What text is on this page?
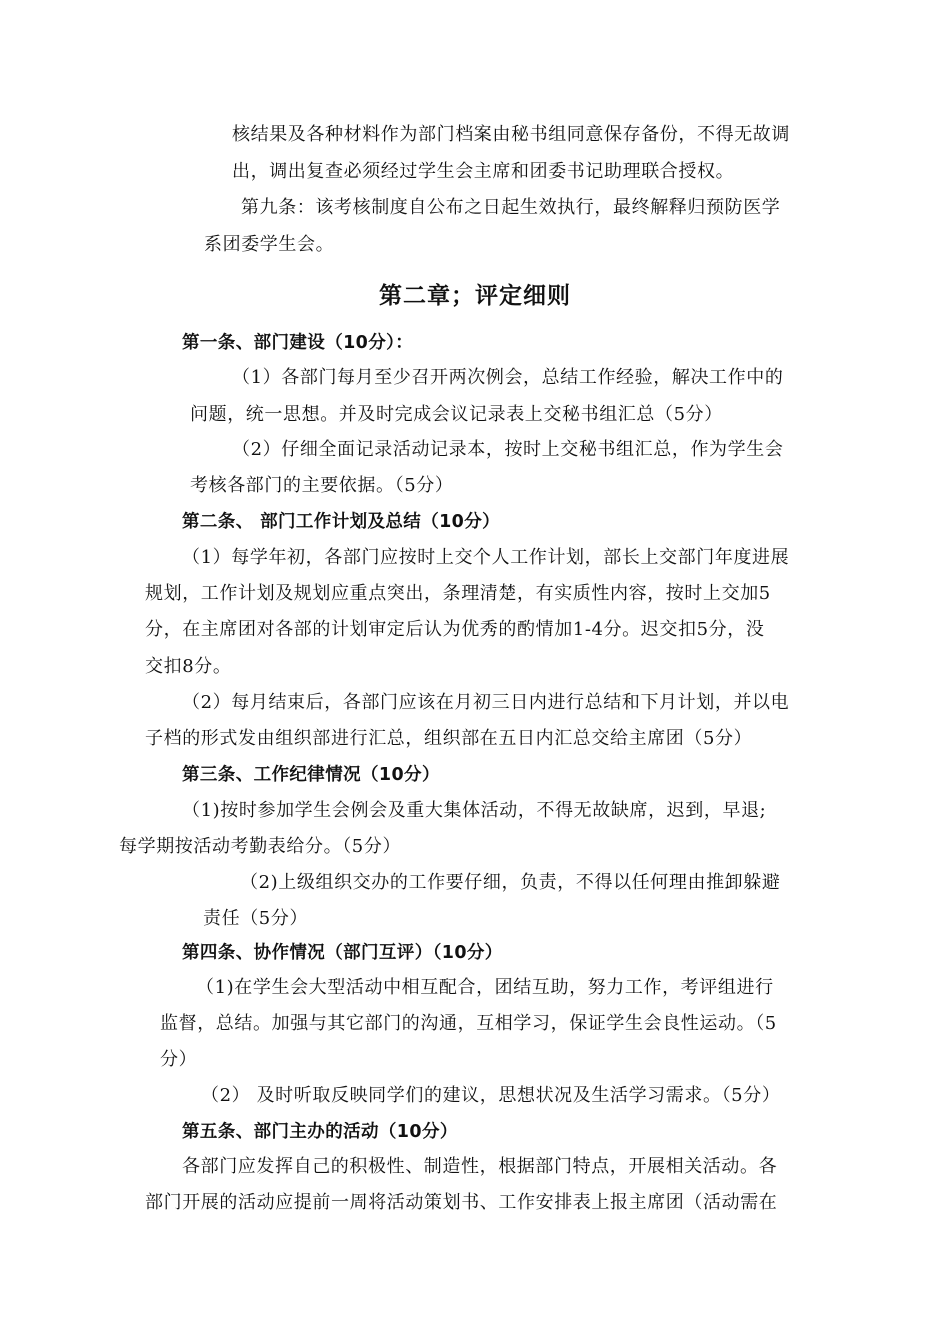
核结果及各种材料作为部门档案由秘书组同意保存备份，不得无故调
出，调出复查必须经过学生会主席和团委书记助理联合授权。
第九条：该考核制度自公布之日起生效执行，最终解释归预防医学
系团委学生会。
第二章；评定细则
第一条、部门建设（10分）：
（1）各部门每月至少召开两次例会，总结工作经验，解决工作中的
问题，统一思想。并及时完成会议记录表上交秘书组汇总（5分）
（2）仔细全面记录活动记录本，按时上交秘书组汇总，作为学生会
考核各部门的主要依据。（5分）
第二条、 部门工作计划及总结（10分）
（1）每学年初，各部门应按时上交个人工作计划，部长上交部门年度进展
规划，工作计划及规划应重点突出，条理清楚，有实质性内容，按时上交加5
分，在主席团对各部的计划审定后认为优秀的酌情加1-4分。迟交扣5分，没
交扣8分。
（2）每月结束后，各部门应该在月初三日内进行总结和下月计划，并以电
子档的形式发由组织部进行汇总，组织部在五日内汇总交给主席团（5分）
第三条、工作纪律情况（10分）
（1)按时参加学生会例会及重大集体活动，不得无故缺席，迟到，早退;
每学期按活动考勤表给分。（5分）
（2)上级组织交办的工作要仔细，负责，不得以任何理由推卸躲避
责任（5分）
第四条、协作情况（部门互评）（10分）
（1)在学生会大型活动中相互配合，团结互助，努力工作，考评组进行
监督，总结。加强与其它部门的沟通，互相学习，保证学生会良性运动。（5
分）
（2） 及时听取反映同学们的建议，思想状况及生活学习需求。（5分）
第五条、部门主办的活动（10分）
各部门应发挥自己的积极性、制造性，根据部门特点，开展相关活动。各
部门开展的活动应提前一周将活动策划书、工作安排表上报主席团（活动需在
